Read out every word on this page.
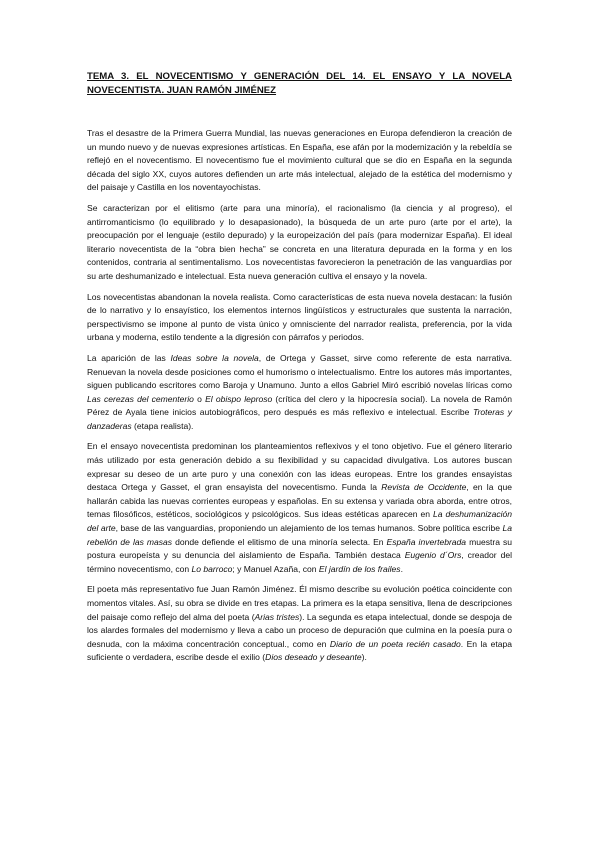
TEMA 3. EL NOVECENTISMO Y GENERACIÓN DEL 14. EL ENSAYO Y LA NOVELA NOVECENTISTA. JUAN RAMÓN JIMÉNEZ

Tras el desastre de la Primera Guerra Mundial, las nuevas generaciones en Europa defendieron la creación de un mundo nuevo y de nuevas expresiones artísticas. En España, ese afán por la modernización y la rebeldía se reflejó en el novecentismo. El novecentismo fue el movimiento cultural que se dio en España en la segunda década del siglo XX, cuyos autores defienden un arte más intelectual, alejado de la estética del modernismo y del paisaje y Castilla en los noventayochistas.

Se caracterizan por el elitismo (arte para una minoría), el racionalismo (la ciencia y al progreso), el antirromanticismo (lo equilibrado y lo desapasionado), la búsqueda de un arte puro (arte por el arte), la preocupación por el lenguaje (estilo depurado) y la europeización del país (para modernizar España). El ideal literario novecentista de la “obra bien hecha” se concreta en una literatura depurada en la forma y en los contenidos, contraria al sentimentalismo. Los novecentistas favorecieron la penetración de las vanguardias por su arte deshumanizado e intelectual. Esta nueva generación cultiva el ensayo y la novela.

Los novecentistas abandonan la novela realista. Como características de esta nueva novela destacan: la fusión de lo narrativo y lo ensayístico, los elementos internos lingüísticos y estructurales que sustenta la narración, perspectivismo se impone al punto de vista único y omnisciente del narrador realista, preferencia, por la vida urbana y moderna, estilo tendente a la digresión con párrafos y periodos.

La aparición de las Ideas sobre la novela, de Ortega y Gasset, sirve como referente de esta narrativa. Renuevan la novela desde posiciones como el humorismo o intelectualismo. Entre los autores más importantes, siguen publicando escritores como Baroja y Unamuno. Junto a ellos Gabriel Miró escribió novelas líricas como Las cerezas del cementerio o El obispo leproso (crítica del clero y la hipocresía social). La novela de Ramón Pérez de Ayala tiene inicios autobiográficos, pero después es más reflexivo e intelectual. Escribe Troteras y danzaderas (etapa realista).

En el ensayo novecentista predominan los planteamientos reflexivos y el tono objetivo. Fue el género literario más utilizado por esta generación debido a su flexibilidad y su capacidad divulgativa. Los autores buscan expresar su deseo de un arte puro y una conexión con las ideas europeas. Entre los grandes ensayistas destaca Ortega y Gasset, el gran ensayista del novecentismo. Funda la Revista de Occidente, en la que hallarán cabida las nuevas corrientes europeas y españolas. En su extensa y variada obra aborda, entre otros, temas filosóficos, estéticos, sociológicos y psicológicos. Sus ideas estéticas aparecen en La deshumanización del arte, base de las vanguardias, proponiendo un alejamiento de los temas humanos. Sobre política escribe La rebelión de las masas donde defiende el elitismo de una minoría selecta. En España invertebrada muestra su postura europeísta y su denuncia del aislamiento de España. También destaca Eugenio d´Ors, creador del término novecentismo, con Lo barroco; y Manuel Azaña, con El jardín de los frailes.

El poeta más representativo fue Juan Ramón Jiménez. Él mismo describe su evolución poética coincidente con momentos vitales. Así, su obra se divide en tres etapas. La primera es la etapa sensitiva, llena de descripciones del paisaje como reflejo del alma del poeta (Arias tristes). La segunda es etapa intelectual, donde se despoja de los alardes formales del modernismo y lleva a cabo un proceso de depuración que culmina en la poesía pura o desnuda, con la máxima concentración conceptual., como en Diario de un poeta recién casado. En la etapa suficiente o verdadera, escribe desde el exilio (Dios deseado y deseante).
